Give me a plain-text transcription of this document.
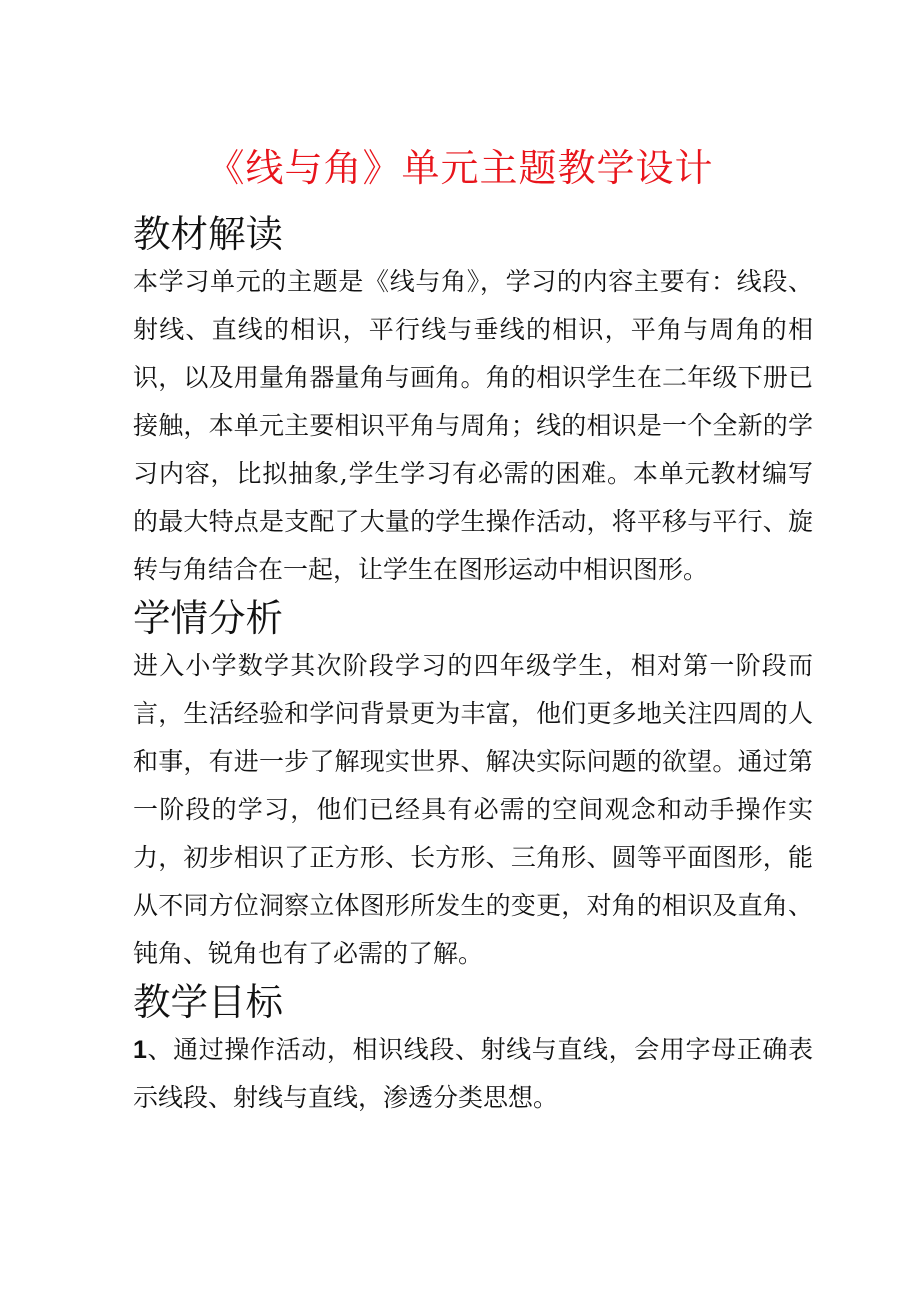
《线与角》单元主题教学设计
教材解读

本学习单元的主题是《线与角》，学习的内容主要有：线段、射线、直线的相识，平行线与垂线的相识，平角与周角的相识，以及用量角器量角与画角。角的相识学生在二年级下册已接触，本单元主要相识平角与周角；线的相识是一个全新的学习内容，比拟抽象,学生学习有必需的困难。本单元教材编写的最大特点是支配了大量的学生操作活动，将平移与平行、旋转与角结合在一起，让学生在图形运动中相识图形。

学情分析

进入小学数学其次阶段学习的四年级学生，相对第一阶段而言，生活经验和学问背景更为丰富，他们更多地关注四周的人和事，有进一步了解现实世界、解决实际问题的欲望。通过第一阶段的学习，他们已经具有必需的空间观念和动手操作实力，初步相识了正方形、长方形、三角形、圆等平面图形，能从不同方位洞察立体图形所发生的变更，对角的相识及直角、钝角、锐角也有了必需的了解。

教学目标

1、通过操作活动，相识线段、射线与直线，会用字母正确表示线段、射线与直线，渗透分类思想。
